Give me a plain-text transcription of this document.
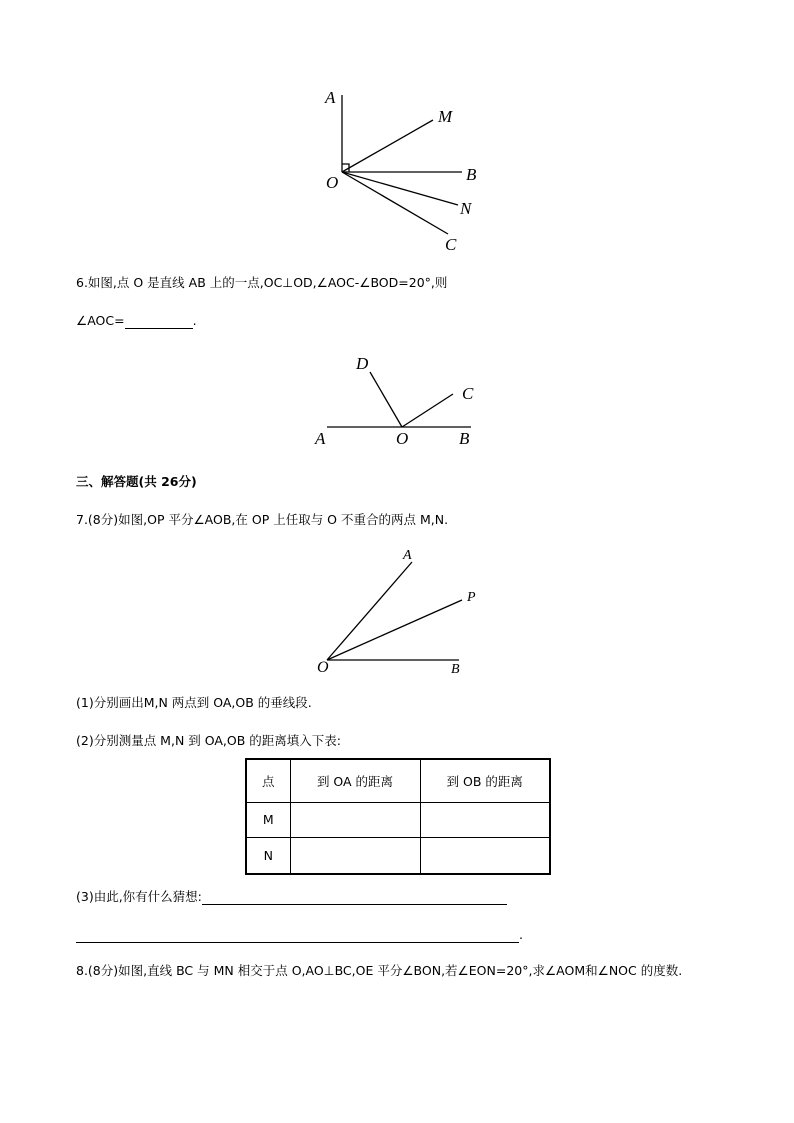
A
M
B
N
C
O
6.如图,点 O 是直线 AB 上的一点,OC⊥OD,∠AOC-∠BOD=20°,则
∠AOC=	.
D
C
A	O	B
三、解答题(共 26分)
7.(8分)如图,OP 平分∠AOB,在 OP 上任取与 O 不重合的两点 M,N.
A
P
O	B
(1)分别画出M,N 两点到 OA,OB 的垂线段.
(2)分别测量点 M,N 到 OA,OB 的距离填入下表:
点	到 OA 的距离	到 OB 的距离
M		
N		
(3)由此,你有什么猜想:
.
8.(8分)如图,直线 BC 与 MN 相交于点 O,AO⊥BC,OE 平分∠BON,若∠EON=20°,求∠AOM和∠NOC 的度数.
